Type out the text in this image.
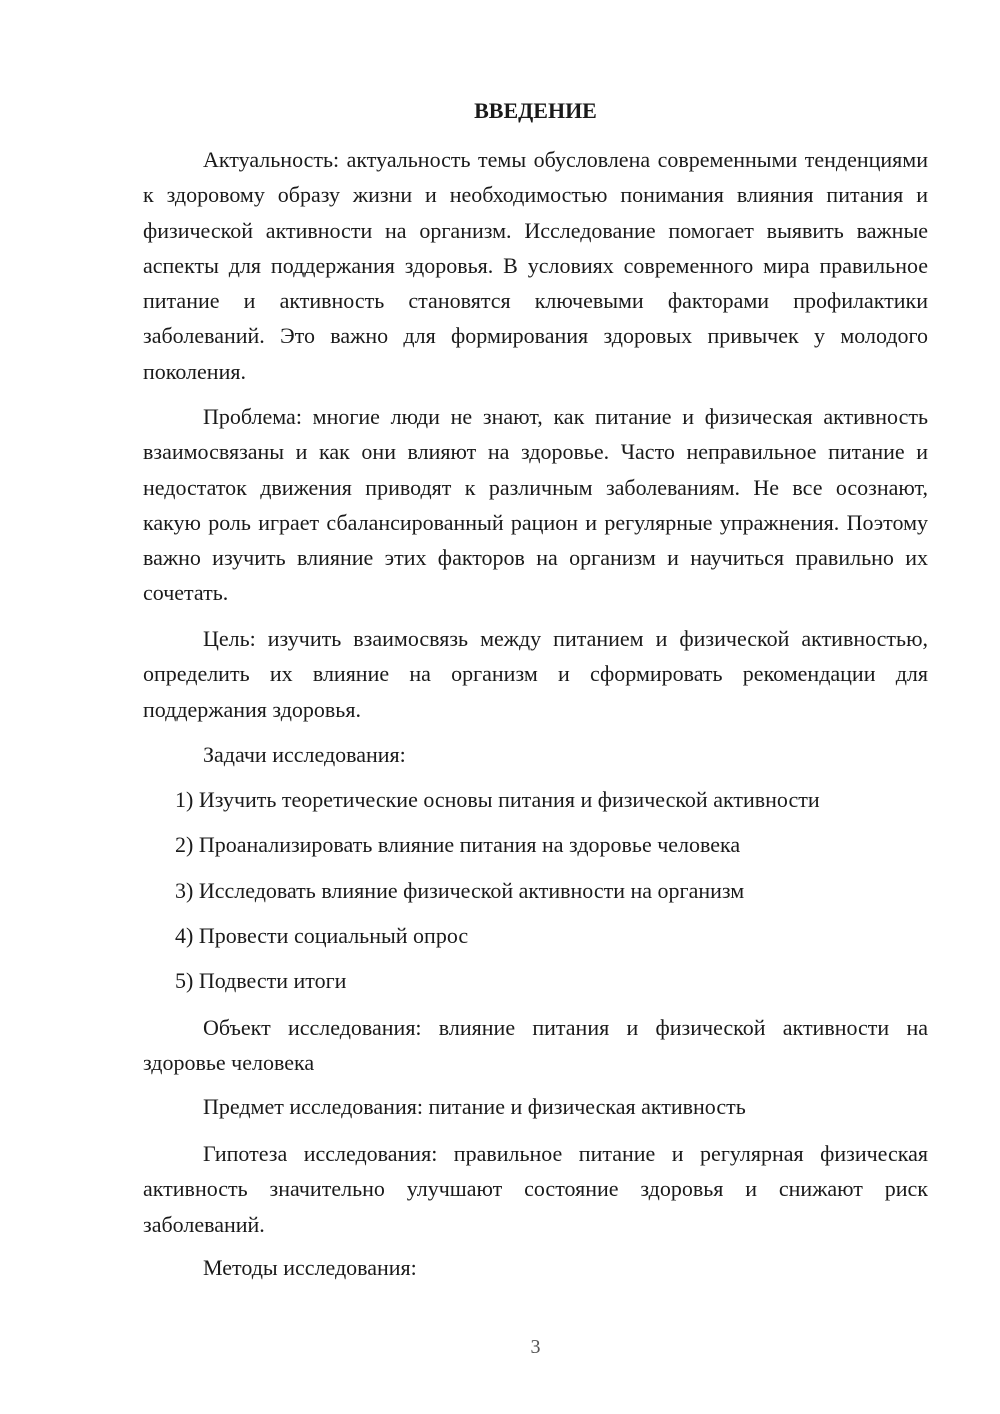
ВВЕДЕНИЕ

Актуальность: актуальность темы обусловлена современными тенденциями к здоровому образу жизни и необходимостью понимания влияния питания и физической активности на организм. Исследование помогает выявить важные аспекты для поддержания здоровья. В условиях современного мира правильное питание и активность становятся ключевыми факторами профилактики заболеваний. Это важно для формирования здоровых привычек у молодого поколения.

Проблема: многие люди не знают, как питание и физическая активность взаимосвязаны и как они влияют на здоровье. Часто неправильное питание и недостаток движения приводят к различным заболеваниям. Не все осознают, какую роль играет сбалансированный рацион и регулярные упражнения. Поэтому важно изучить влияние этих факторов на организм и научиться правильно их сочетать.

Цель: изучить взаимосвязь между питанием и физической активностью, определить их влияние на организм и сформировать рекомендации для поддержания здоровья.

Задачи исследования:
1) Изучить теоретические основы питания и физической активности
2) Проанализировать влияние питания на здоровье человека
3) Исследовать влияние физической активности на организм
4) Провести социальный опрос
5) Подвести итоги

Объект исследования: влияние питания и физической активности на здоровье человека

Предмет исследования: питание и физическая активность

Гипотеза исследования: правильное питание и регулярная физическая активность значительно улучшают состояние здоровья и снижают риск заболеваний.

Методы исследования:
3
